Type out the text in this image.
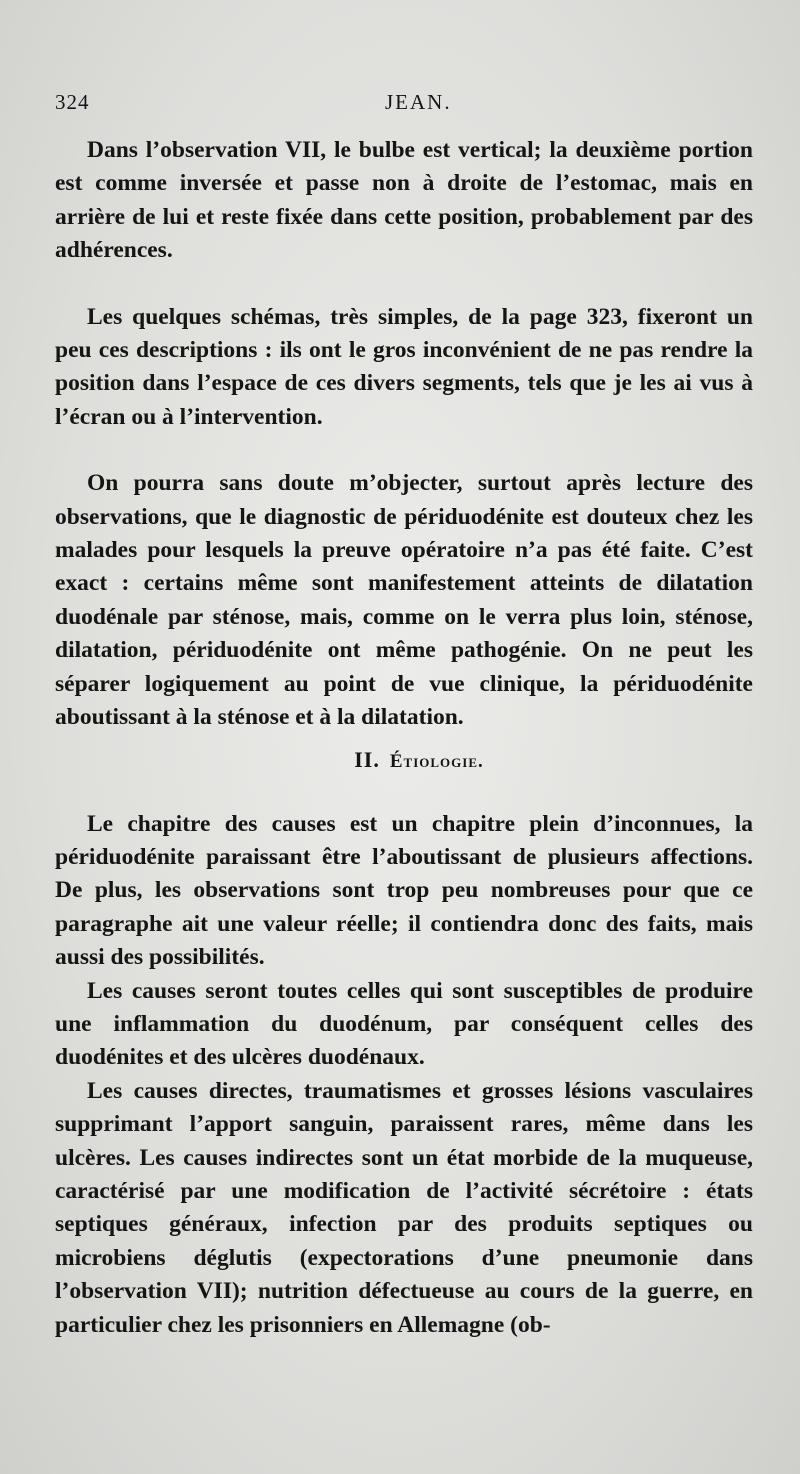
324	JEAN.

Dans l’observation VII, le bulbe est vertical; la deuxième portion est comme inversée et passe non à droite de l’estomac, mais en arrière de lui et reste fixée dans cette position, probablement par des adhérences.

Les quelques schémas, très simples, de la page 323, fixeront un peu ces descriptions : ils ont le gros inconvénient de ne pas rendre la position dans l’espace de ces divers segments, tels que je les ai vus à l’écran ou à l’intervention.

On pourra sans doute m’objecter, surtout après lecture des observations, que le diagnostic de périduodénite est douteux chez les malades pour lesquels la preuve opératoire n’a pas été faite. C’est exact : certains même sont manifestement atteints de dilatation duodénale par sténose, mais, comme on le verra plus loin, sténose, dilatation, périduodénite ont même pathogénie. On ne peut les séparer logiquement au point de vue clinique, la périduodénite aboutissant à la sténose et à la dilatation.

II. Étiologie.

Le chapitre des causes est un chapitre plein d’inconnues, la périduodénite paraissant être l’aboutissant de plusieurs affections. De plus, les observations sont trop peu nombreuses pour que ce paragraphe ait une valeur réelle; il contiendra donc des faits, mais aussi des possibilités.

Les causes seront toutes celles qui sont susceptibles de produire une inflammation du duodénum, par conséquent celles des duodénites et des ulcères duodénaux.

Les causes directes, traumatismes et grosses lésions vasculaires supprimant l’apport sanguin, paraissent rares, même dans les ulcères. Les causes indirectes sont un état morbide de la muqueuse, caractérisé par une modification de l’activité sécrétoire : états septiques généraux, infection par des produits septiques ou microbiens déglutis (expectorations d’une pneumonie dans l’observation VII); nutrition défectueuse au cours de la guerre, en particulier chez les prisonniers en Allemagne (ob-
